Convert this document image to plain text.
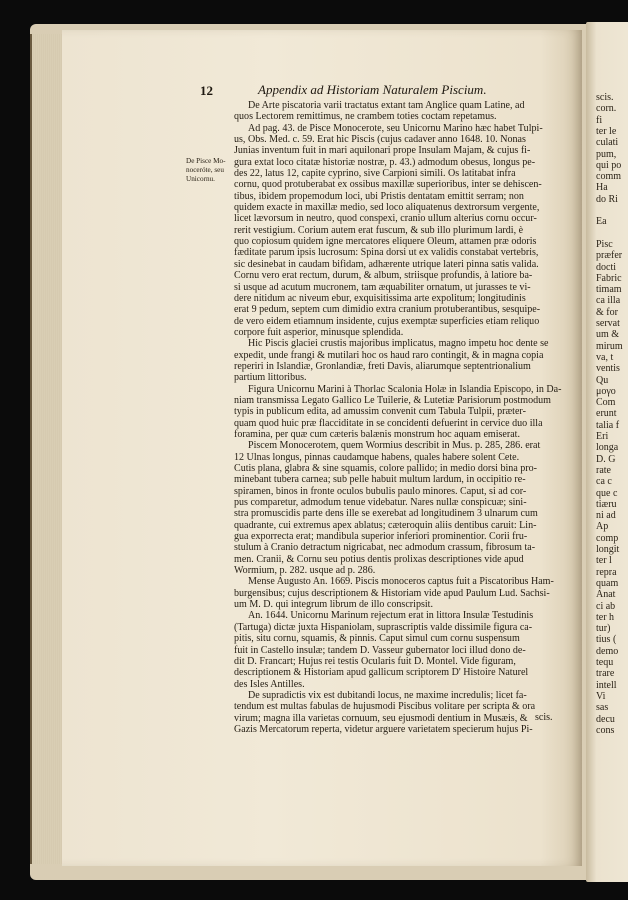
scis.
corn.
fi
ter le
culati
pum,
qui po
comm
Ha
do Ri
Ea
Pisc
præfer
docti
Fabric
timam
ca illa
& for
servat
um &
mirum
va, t
ventis
Qu
μογο
Com
erunt
talia f
Eri
longa
D. G
rate
ca c
que c
tiæru
ni ad
Ap
comp
longit
ter l
repra
quam
Anat
ci ab
ter h
tur)
tius (
demo
tequ
trare
intell
Vi
sas
decu
cons
12	Appendix ad Historiam Naturalem Piscium.
De Pisce Mo-
noceróte, seu
Unicornu.
De Arte piscatoria varii tractatus extant tam Anglice quam Latine, ad
quos Lectorem remittimus, ne crambem toties coctam repetamus.
Ad pag. 43. de Pisce Monocerote, seu Unicornu Marino hæc habet Tulpi-
us, Obs. Med. c. 59. Erat hic Piscis (cujus cadaver anno 1648. 10. Nonas
Junias inventum fuit in mari aquilonari prope Insulam Majam, & cujus fi-
gura extat loco citatæ historiæ nostræ, p. 43.) admodum obesus, longus pe-
des 22, latus 12, capite cyprino, sive Carpioni simili. Os latitabat infra
cornu, quod protuberabat ex ossibus maxillæ superioribus, inter se dehiscen-
tibus, ibidem propemodum loci, ubi Pristis dentatam emittit serram; non
quidem exacte in maxillæ medio, sed loco aliquatenus dextrorsum vergente,
licet lævorsum in neutro, quod conspexi, cranio ullum alterius cornu occur-
rerit vestigium. Corium autem erat fuscum, & sub illo plurimum lardi, è
quo copiosum quidem igne mercatores eliquere Oleum, attamen præ odoris
fæditate parum ipsis lucrosum: Spina dorsi ut ex validis constabat vertebris,
sic desinebat in caudam bifidam, adhærente utrique lateri pinna satis valida.
Cornu vero erat rectum, durum, & album, striisque profundis, à latiore ba-
si usque ad acutum mucronem, tam æquabiliter ornatum, ut jurasses te vi-
dere nitidum ac niveum ebur, exquisitissima arte expolitum; longitudinis
erat 9 pedum, septem cum dimidio extra cranium protuberantibus, sesquipe-
de vero eidem etiamnum insidente, cujus exemptæ superficies etiam reliquo
corpore fuit asperior, minusque splendida.
Hic Piscis glaciei crustis majoribus implicatus, magno impetu hoc dente se
expedit, unde frangi & mutilari hoc os haud raro contingit, & in magna copia
reperiri in Islandiæ, Gronlandiæ, freti Davis, aliarumque septentrionalium
partium littoribus.
Figura Unicornu Marini à Thorlac Scalonia Holæ in Islandia Episcopo, in Da-
niam transmissa Legato Gallico Le Tuilerie, & Lutetiæ Parisiorum postmodum
typis in publicum edita, ad amussim convenit cum Tabula Tulpii, præter-
quam quod huic præ flacciditate in se concidenti defuerint in cervice duo illa
foramina, per quæ cum cæteris balænis monstrum hoc aquam emiserat.
Piscem Monocerotem, quem Wormius describit in Mus. p. 285, 286. erat
12 Ulnas longus, pinnas caudamque habens, quales habere solent Cete.
Cutis plana, glabra & sine squamis, colore pallido; in medio dorsi bina pro-
minebant tubera carnea; sub pelle habuit multum lardum, in occipitio re-
spiramen, binos in fronte oculos bubulis paulo minores. Caput, si ad cor-
pus comparetur, admodum tenue videbatur. Nares nullæ conspicuæ; sini-
stra promuscidis parte dens ille se exerebat ad longitudinem 3 ulnarum cum
quadrante, cui extremus apex ablatus; cæteroquin aliis dentibus caruit: Lin-
gua exporrecta erat; mandibula superior inferiori prominentior. Corii fru-
stulum à Cranio detractum nigricabat, nec admodum crassum, fibrosum ta-
men. Cranii, & Cornu seu potius dentis prolixas descriptiones vide apud
Wormium, p. 282. usque ad p. 286.
Mense Augusto An. 1669. Piscis monoceros captus fuit a Piscatoribus Ham-
burgensibus; cujus descriptionem & Historiam vide apud Paulum Lud. Sachsi-
um M. D. qui integrum librum de illo conscripsit.
An. 1644. Unicornu Marinum rejectum erat in littora Insulæ Testudinis
(Tartuga) dictæ juxta Hispaniolam, suprascriptis valde dissimile figura ca-
pitis, situ cornu, squamis, & pinnis. Caput simul cum cornu suspensum
fuit in Castello insulæ; tandem D. Vasseur gubernator loci illud dono de-
dit D. Francart; Hujus rei testis Ocularis fuit D. Montel. Vide figuram,
descriptionem & Historiam apud gallicum scriptorem D' Histoire Naturel
des Isles Antilles.
De supradictis vix est dubitandi locus, ne maxime incredulis; licet fa-
tendum est multas fabulas de hujusmodi Piscibus volitare per scripta & ora
virum; magna illa varietas cornuum, seu ejusmodi dentium in Musæis, &
Gazis Mercatorum reperta, videtur arguere varietatem specierum hujus Pi-
scis.
